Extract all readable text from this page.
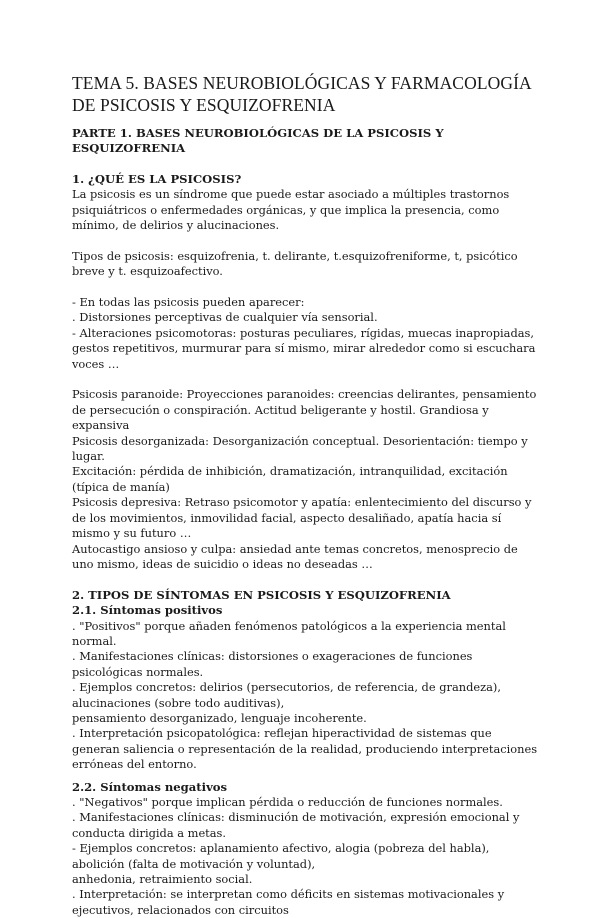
TEMA 5. BASES NEUROBIOLÓGICAS Y FARMACOLOGÍA
DE PSICOSIS Y ESQUIZOFRENIA

PARTE 1. BASES NEUROBIOLÓGICAS DE LA PSICOSIS Y ESQUIZOFRENIA

1. ¿QUÉ ES LA PSICOSIS?

La psicosis es un síndrome que puede estar asociado a múltiples trastornos psiquiátricos o enfermedades orgánicas, y que implica la presencia, como mínimo, de delirios y alucinaciones.

Tipos de psicosis: esquizofrenia, t. delirante, t.esquizofreniforme, t, psicótico breve y t. esquizoafectivo.

- En todas las psicosis pueden aparecer:

. Distorsiones perceptivas de cualquier vía sensorial.

- Alteraciones psicomotoras: posturas peculiares, rígidas, muecas inapropiadas, gestos repetitivos, murmurar para sí mismo, mirar alrededor como si escuchara voces …

Psicosis paranoide: Proyecciones paranoides: creencias delirantes, pensamiento de persecución o conspiración. Actitud beligerante y hostil. Grandiosa y expansiva

Psicosis desorganizada: Desorganización conceptual. Desorientación: tiempo y lugar.

Excitación: pérdida de inhibición, dramatización, intranquilidad, excitación (típica de manía)

Psicosis depresiva: Retraso psicomotor y apatía: enlentecimiento del discurso y de los movimientos, inmovilidad facial, aspecto desaliñado, apatía hacia sí mismo y su futuro …

Autocastigo ansioso y culpa: ansiedad ante temas concretos, menosprecio de uno mismo, ideas de suicidio o ideas no deseadas …

2. TIPOS DE SÍNTOMAS EN PSICOSIS Y ESQUIZOFRENIA

2.1. Síntomas positivos

. "Positivos" porque añaden fenómenos patológicos a la experiencia mental normal.

. Manifestaciones clínicas: distorsiones o exageraciones de funciones psicológicas normales.

. Ejemplos concretos: delirios (persecutorios, de referencia, de grandeza), alucinaciones (sobre todo auditivas),

pensamiento desorganizado, lenguaje incoherente.

. Interpretación psicopatológica: reflejan hiperactividad de sistemas que generan saliencia o representación de la realidad, produciendo interpretaciones erróneas del entorno.

2.2. Síntomas negativos

. "Negativos" porque implican pérdida o reducción de funciones normales.

. Manifestaciones clínicas: disminución de motivación, expresión emocional y conducta dirigida a metas.

- Ejemplos concretos: aplanamiento afectivo, alogia (pobreza del habla), abolición (falta de motivación y voluntad),

anhedonia, retraimiento social.

. Interpretación: se interpretan como déficits en sistemas motivacionales y ejecutivos, relacionados con circuitos
